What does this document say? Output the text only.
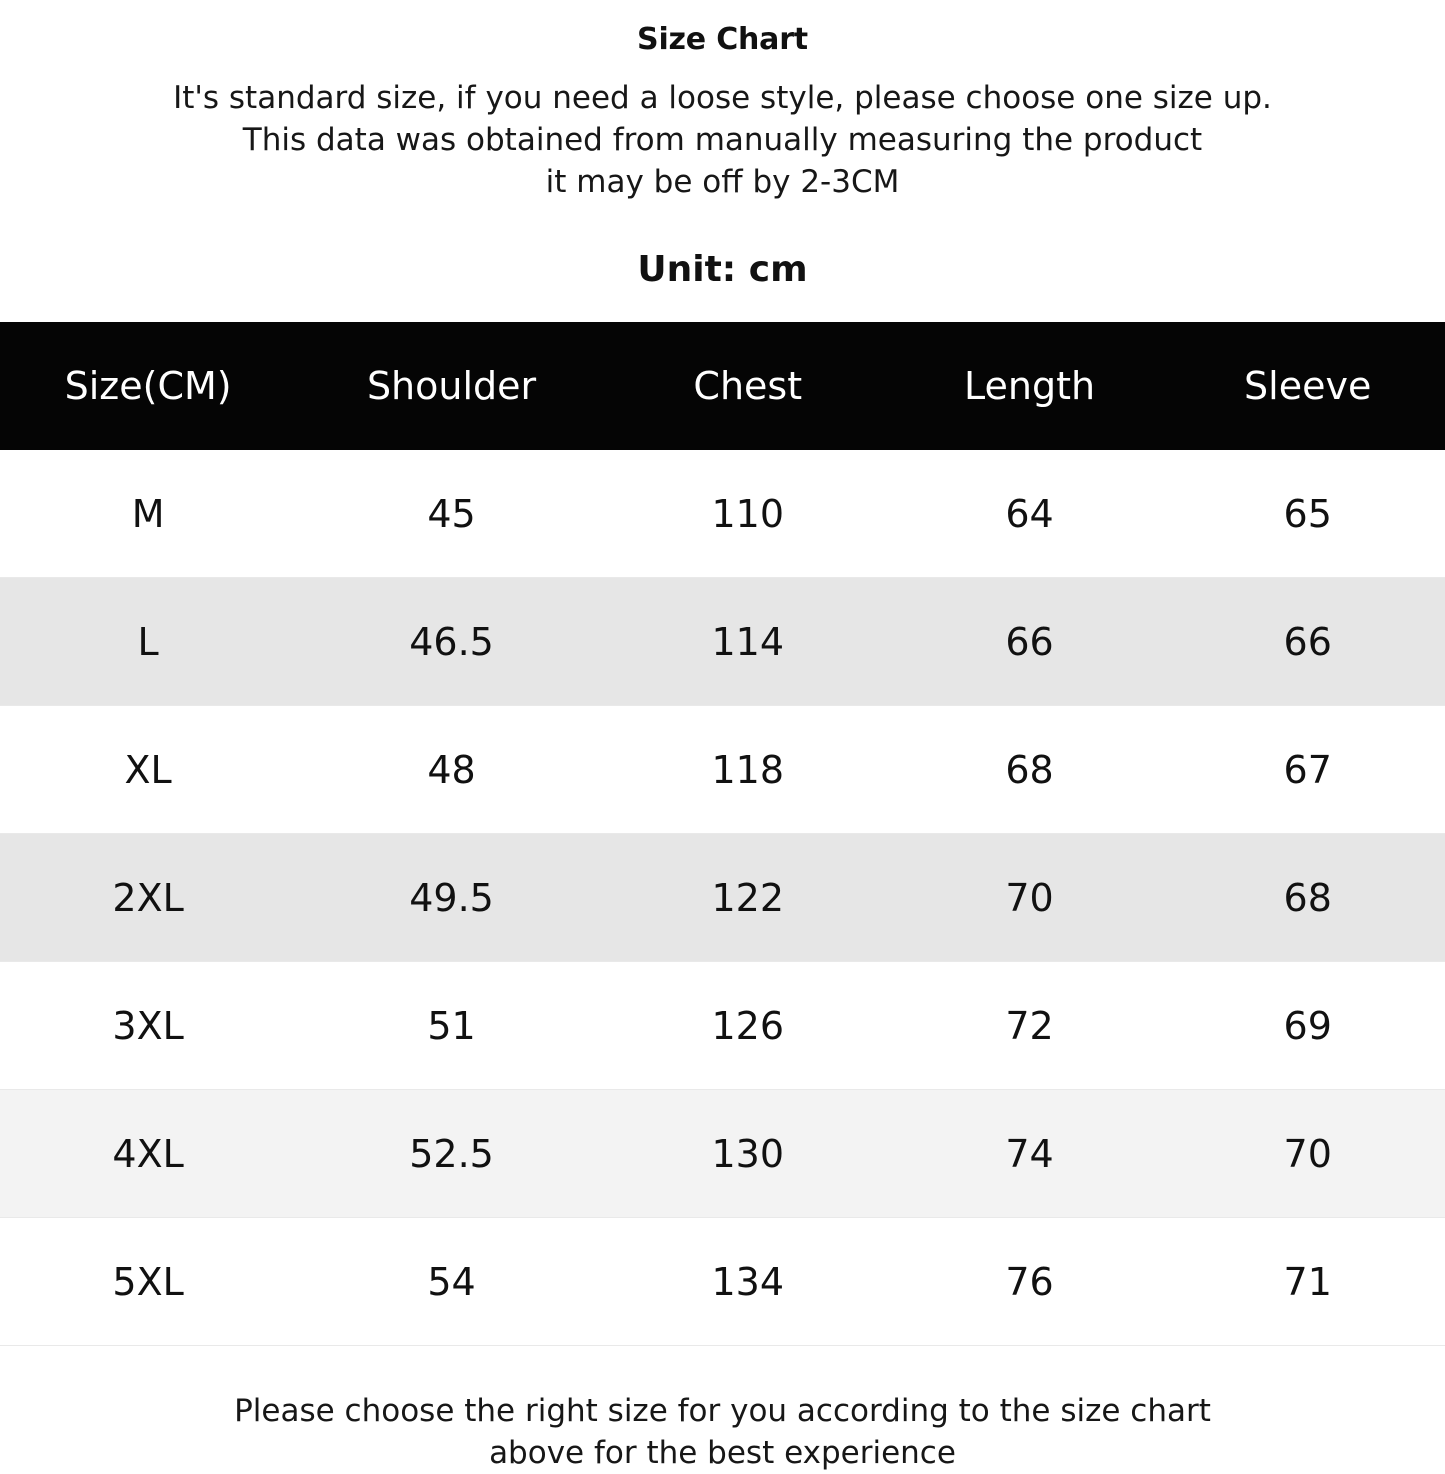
Size Chart
It's standard size, if you need a loose style, please choose one size up.
This data was obtained from manually measuring the product
it may be off by 2-3CM
Unit: cm
Size(CM)	Shoulder	Chest	Length	Sleeve
M	45	110	64	65
L	46.5	114	66	66
XL	48	118	68	67
2XL	49.5	122	70	68
3XL	51	126	72	69
4XL	52.5	130	74	70
5XL	54	134	76	71
Please choose the right size for you according to the size chart
above for the best experience
